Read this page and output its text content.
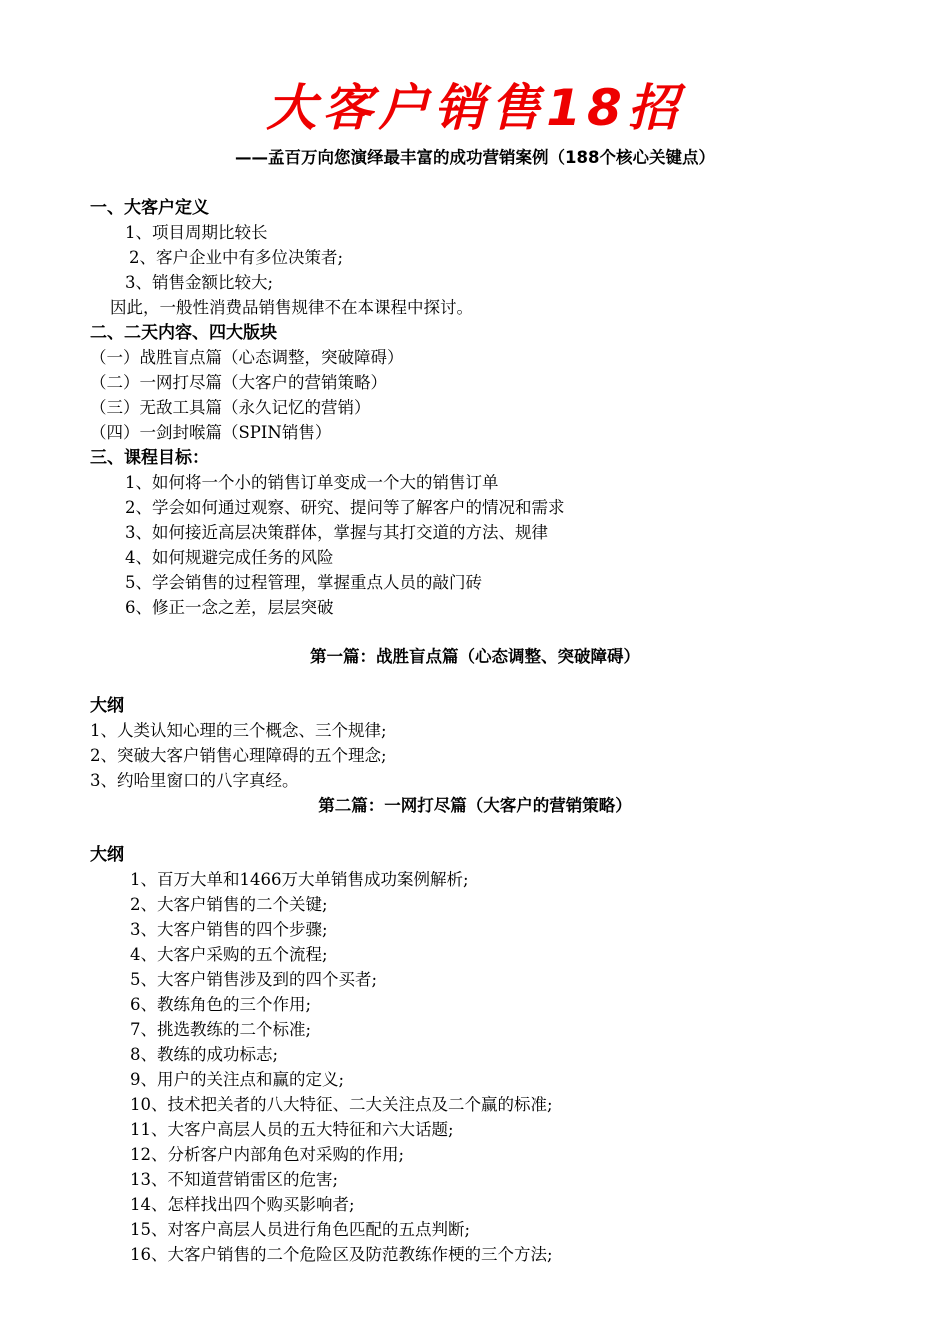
大客户销售18招
——孟百万向您演绎最丰富的成功营销案例（188个核心关键点）
一、大客户定义
1、项目周期比较长
2、客户企业中有多位决策者;
3、销售金额比较大;
因此，一般性消费品销售规律不在本课程中探讨。
二、二天内容、四大版块
（一）战胜盲点篇（心态调整，突破障碍）
（二）一网打尽篇（大客户的营销策略）
（三）无敌工具篇（永久记忆的营销）
（四）一剑封喉篇（SPIN销售）
三、课程目标：
1、如何将一个小的销售订单变成一个大的销售订单
2、学会如何通过观察、研究、提问等了解客户的情况和需求
3、如何接近高层决策群体，掌握与其打交道的方法、规律
4、如何规避完成任务的风险
5、学会销售的过程管理，掌握重点人员的敲门砖
6、修正一念之差，层层突破
第一篇：战胜盲点篇（心态调整、突破障碍）
大纲
1、人类认知心理的三个概念、三个规律;
2、突破大客户销售心理障碍的五个理念;
3、约哈里窗口的八字真经。
第二篇：一网打尽篇（大客户的营销策略）
大纲
1、百万大单和1466万大单销售成功案例解析;
2、大客户销售的二个关键;
3、大客户销售的四个步骤;
4、大客户采购的五个流程;
5、大客户销售涉及到的四个买者;
6、教练角色的三个作用;
7、挑选教练的二个标准;
8、教练的成功标志;
9、用户的关注点和赢的定义;
10、技术把关者的八大特征、二大关注点及二个赢的标准;
11、大客户高层人员的五大特征和六大话题;
12、分析客户内部角色对采购的作用;
13、不知道营销雷区的危害;
14、怎样找出四个购买影响者;
15、对客户高层人员进行角色匹配的五点判断;
16、大客户销售的二个危险区及防范教练作梗的三个方法;
